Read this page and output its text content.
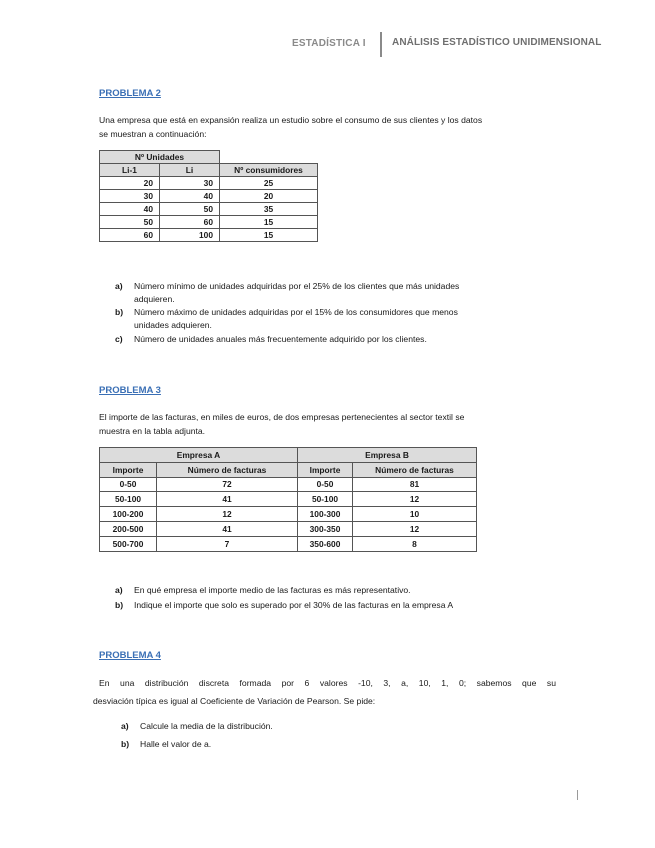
ESTADÍSTICA I	ANÁLISIS ESTADÍSTICO UNIDIMENSIONAL
PROBLEMA 2
Una empresa que está en expansión realiza un estudio sobre el consumo de sus clientes y los datos
se muestran a continuación:
Nº Unidades		
Li-1	Li	Nº consumidores
20	30	25
30	40	20
40	50	35
50	60	15
60	100	15
a) Número mínimo de unidades adquiridas por el 25% de los clientes que más unidades
adquieren.
b) Número máximo de unidades adquiridas por el 15% de los consumidores que menos
unidades adquieren.
c) Número de unidades anuales más frecuentemente adquirido por los clientes.
PROBLEMA 3
El importe de las facturas, en miles de euros, de dos empresas pertenecientes al sector textil se
muestra en la tabla adjunta.
Empresa A		Empresa B	
Importe	Número de facturas	Importe	Número de facturas
0-50	72	0-50	81
50-100	41	50-100	12
100-200	12	100-300	10
200-500	41	300-350	12
500-700	7	350-600	8
a) En qué empresa el importe medio de las facturas es más representativo.
b) Indique el importe que solo es superado por el 30% de las facturas en la empresa A
PROBLEMA 4
En una distribución discreta formada por 6 valores -10, 3, a, 10, 1, 0; sabemos que su
desviación típica es igual al Coeficiente de Variación de Pearson. Se pide:
a) Calcule la media de la distribución.
b) Halle el valor de a.
